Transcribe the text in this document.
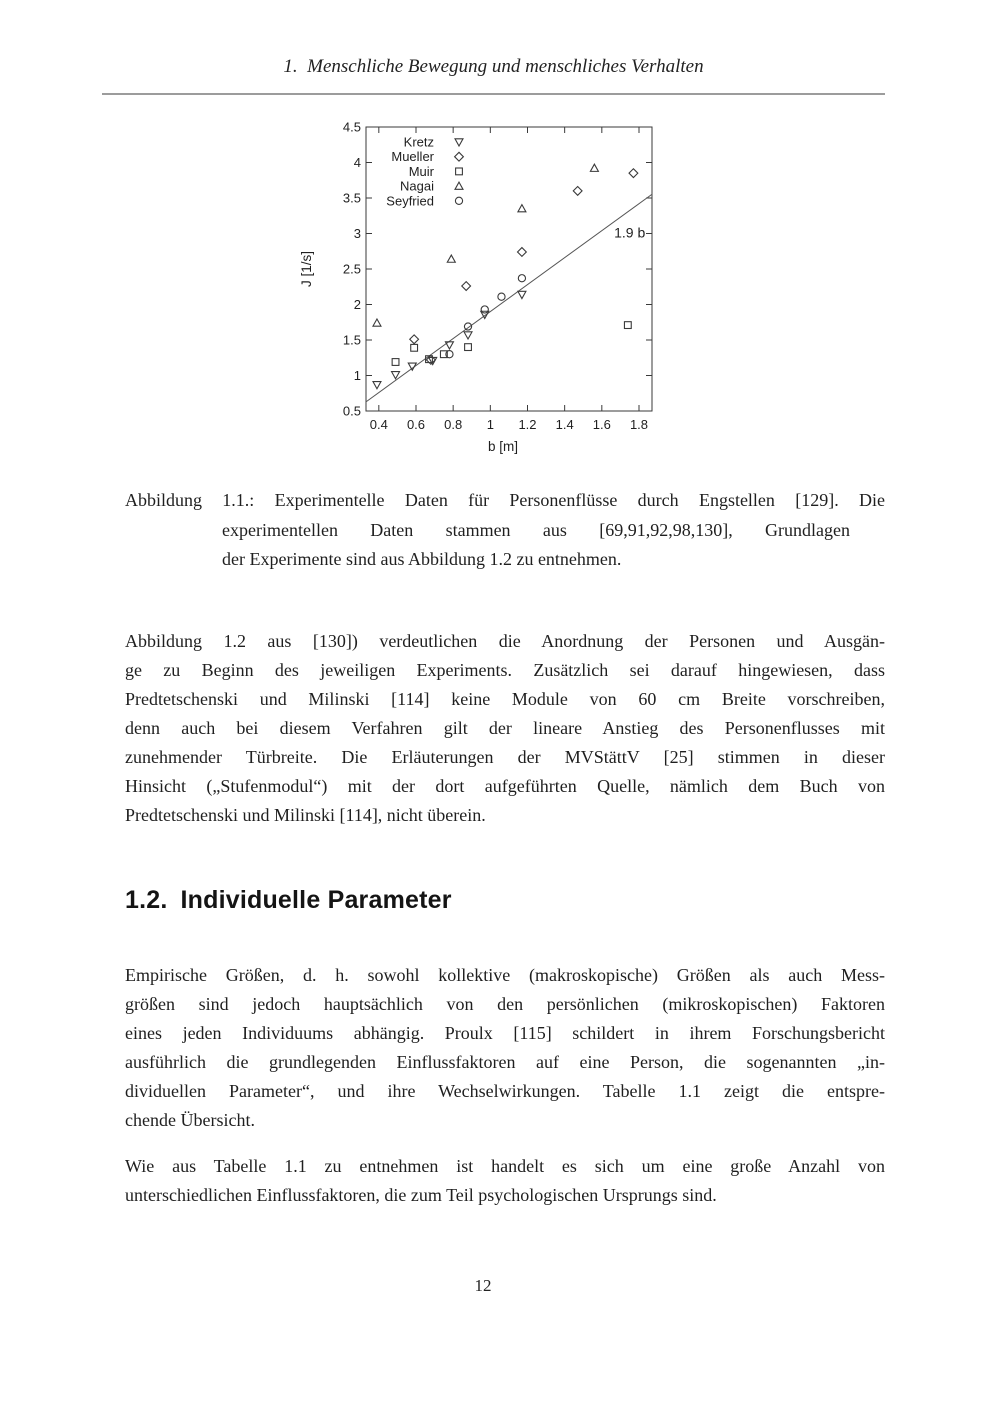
1. Menschliche Bewegung und menschliches Verhalten
0.4 0.6 0.8 1 1.2 1.4 1.6 1.8
0.5
1
1.5
2
2.5
3
3.5
4
4.5
b [m]
J [1/s]
1.9 b
Kretz
Mueller
Muir
Nagai
Seyfried
Abbildung 1.1.: Experimentelle Daten für Personenflüsse durch Engstellen [129]. Die
experimentellen Daten stammen aus [69,91,92,98,130], Grundlagen
der Experimente sind aus Abbildung 1.2 zu entnehmen.
Abbildung 1.2 aus [130]) verdeutlichen die Anordnung der Personen und Ausgän-
ge zu Beginn des jeweiligen Experiments. Zusätzlich sei darauf hingewiesen, dass
Predtetschenski und Milinski [114] keine Module von 60 cm Breite vorschreiben,
denn auch bei diesem Verfahren gilt der lineare Anstieg des Personenflusses mit
zunehmender Türbreite. Die Erläuterungen der MVStättV [25] stimmen in dieser
Hinsicht („Stufenmodul“) mit der dort aufgeführten Quelle, nämlich dem Buch von
Predtetschenski und Milinski [114], nicht überein.
1.2. Individuelle Parameter
Empirische Größen, d. h. sowohl kollektive (makroskopische) Größen als auch Mess-
größen sind jedoch hauptsächlich von den persönlichen (mikroskopischen) Faktoren
eines jeden Individuums abhängig. Proulx [115] schildert in ihrem Forschungsbericht
ausführlich die grundlegenden Einflussfaktoren auf eine Person, die sogenannten „in-
dividuellen Parameter“, und ihre Wechselwirkungen. Tabelle 1.1 zeigt die entspre-
chende Übersicht.
Wie aus Tabelle 1.1 zu entnehmen ist handelt es sich um eine große Anzahl von
unterschiedlichen Einflussfaktoren, die zum Teil psychologischen Ursprungs sind.
12
